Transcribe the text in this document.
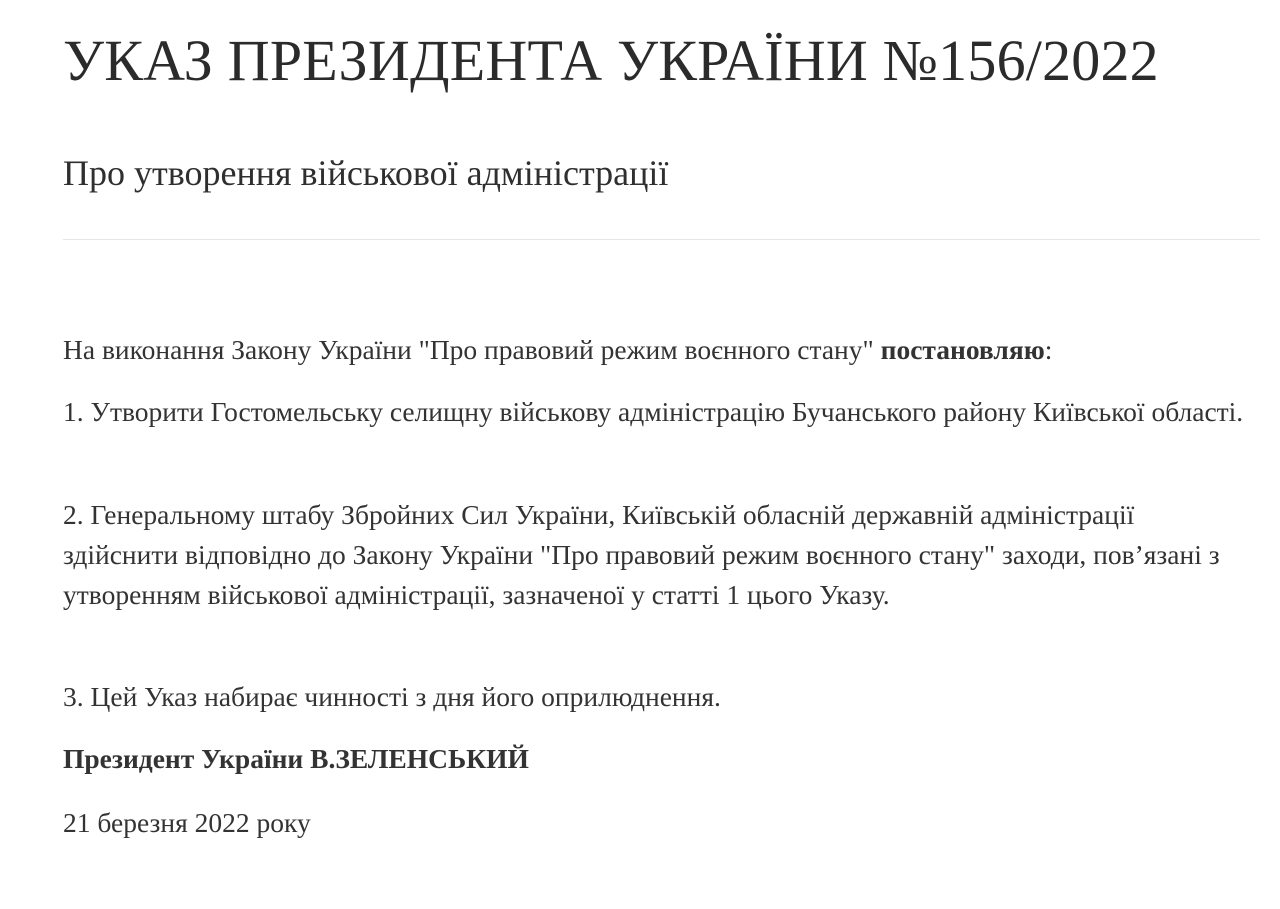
УКАЗ ПРЕЗИДЕНТА УКРАЇНИ №156/2022
Про утворення військової адміністрації

На виконання Закону України "Про правовий режим воєнного стану" постановляю:

1. Утворити Гостомельську селищну військову адміністрацію Бучанського району Київської області.

2. Генеральному штабу Збройних Сил України, Київській обласній державній адміністрації здійснити відповідно до Закону України "Про правовий режим воєнного стану" заходи, пов’язані з утворенням військової адміністрації, зазначеної у статті 1 цього Указу.

3. Цей Указ набирає чинності з дня його оприлюднення.

Президент України В.ЗЕЛЕНСЬКИЙ

21 березня 2022 року
